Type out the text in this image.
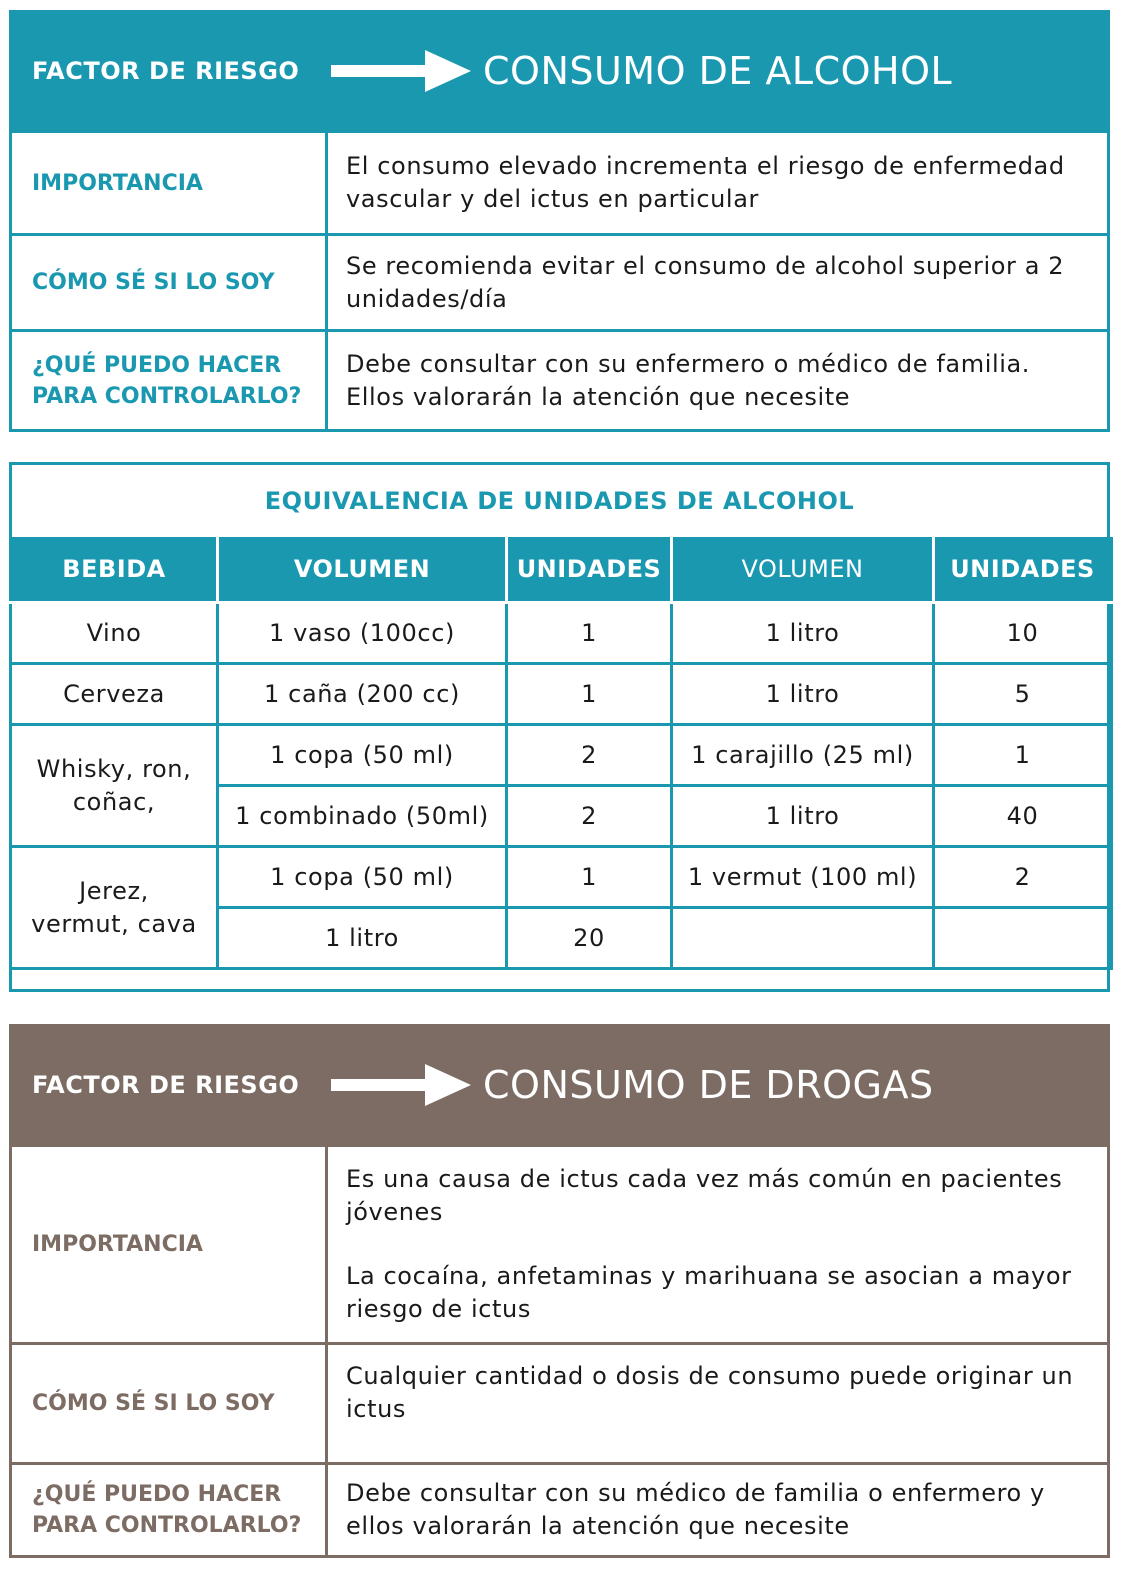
FACTOR DE RIESGO	CONSUMO DE ALCOHOL
IMPORTANCIA	El consumo elevado incrementa el riesgo de enfermedad vascular y del ictus en particular
CÓMO SÉ SI LO SOY	Se recomienda evitar el consumo de alcohol superior a 2 unidades/día
¿QUÉ PUEDO HACER PARA CONTROLARLO?	Debe consultar con su enfermero o médico de familia. Ellos valorarán la atención que necesite
EQUIVALENCIA DE UNIDADES DE ALCOHOL
BEBIDA	VOLUMEN	UNIDADES	VOLUMEN	UNIDADES
Vino	1 vaso (100cc)	1	1 litro	10
Cerveza	1 caña (200 cc)	1	1 litro	5
Whisky, ron, coñac,	1 copa (50 ml)	2	1 carajillo (25 ml)	1
	1 combinado (50ml)	2	1 litro	40
Jerez, vermut, cava	1 copa (50 ml)	1	1 vermut (100 ml)	2
	1 litro	20		
FACTOR DE RIESGO	CONSUMO DE DROGAS
IMPORTANCIA	Es una causa de ictus cada vez más común en pacientes jóvenes
La cocaína, anfetaminas y marihuana se asocian a mayor riesgo de ictus

CÓMO SÉ SI LO SOY	Cualquier cantidad o dosis de consumo puede originar un ictus
¿QUÉ PUEDO HACER PARA CONTROLARLO?	Debe consultar con su médico de familia o enfermero y ellos valorarán la atención que necesite
